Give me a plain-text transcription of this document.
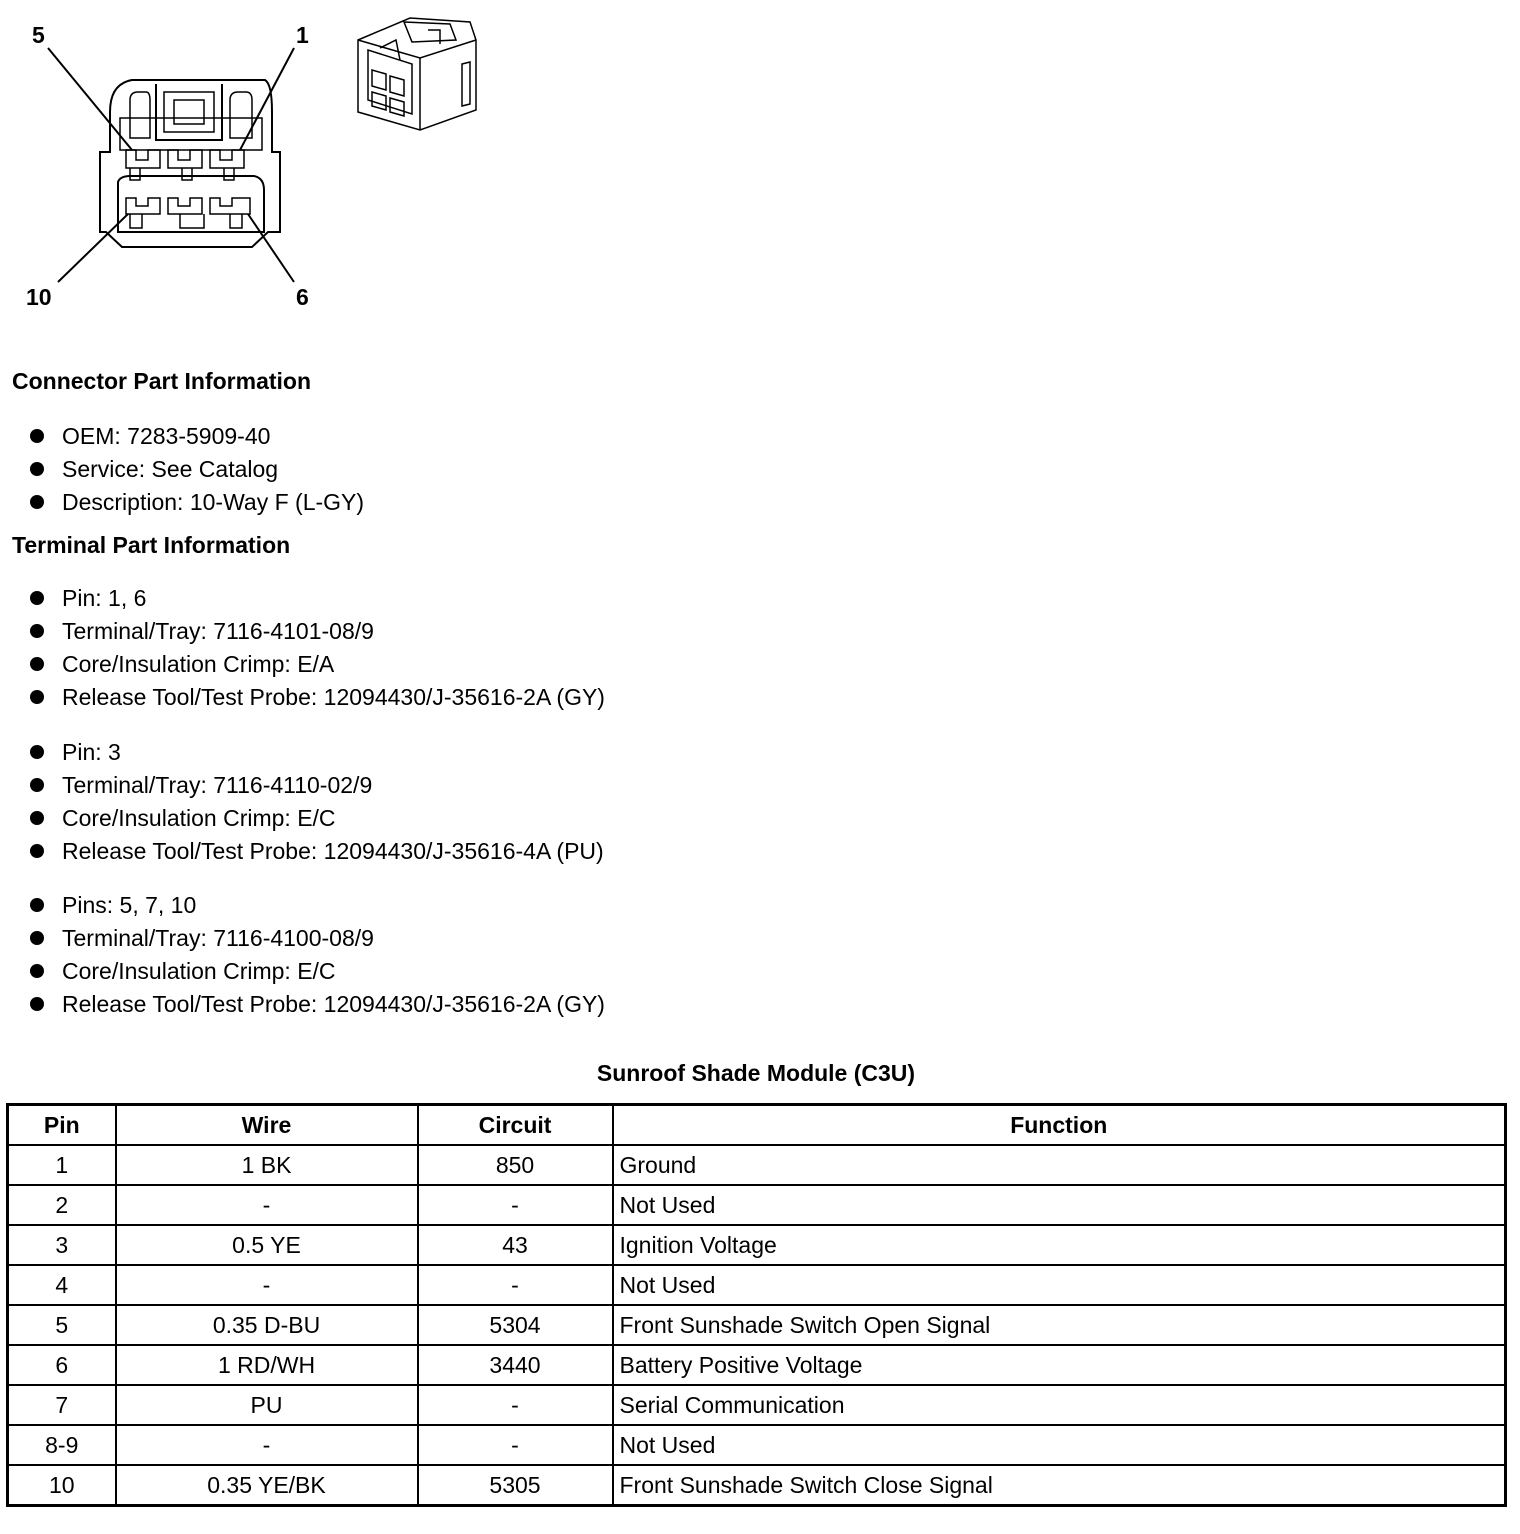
5	1
10	6
Connector Part Information
OEM: 7283-5909-40
Service: See Catalog
Description: 10-Way F (L-GY)
Terminal Part Information
Pin: 1, 6
Terminal/Tray: 7116-4101-08/9
Core/Insulation Crimp: E/A
Release Tool/Test Probe: 12094430/J-35616-2A (GY)
Pin: 3
Terminal/Tray: 7116-4110-02/9
Core/Insulation Crimp: E/C
Release Tool/Test Probe: 12094430/J-35616-4A (PU)
Pins: 5, 7, 10
Terminal/Tray: 7116-4100-08/9
Core/Insulation Crimp: E/C
Release Tool/Test Probe: 12094430/J-35616-2A (GY)
Sunroof Shade Module (C3U)
Pin	Wire	Circuit	Function
1	1 BK	850	Ground
2	-	-	Not Used
3	0.5 YE	43	Ignition Voltage
4	-	-	Not Used
5	0.35 D-BU	5304	Front Sunshade Switch Open Signal
6	1 RD/WH	3440	Battery Positive Voltage
7	PU	-	Serial Communication
8-9	-	-	Not Used
10	0.35 YE/BK	5305	Front Sunshade Switch Close Signal
